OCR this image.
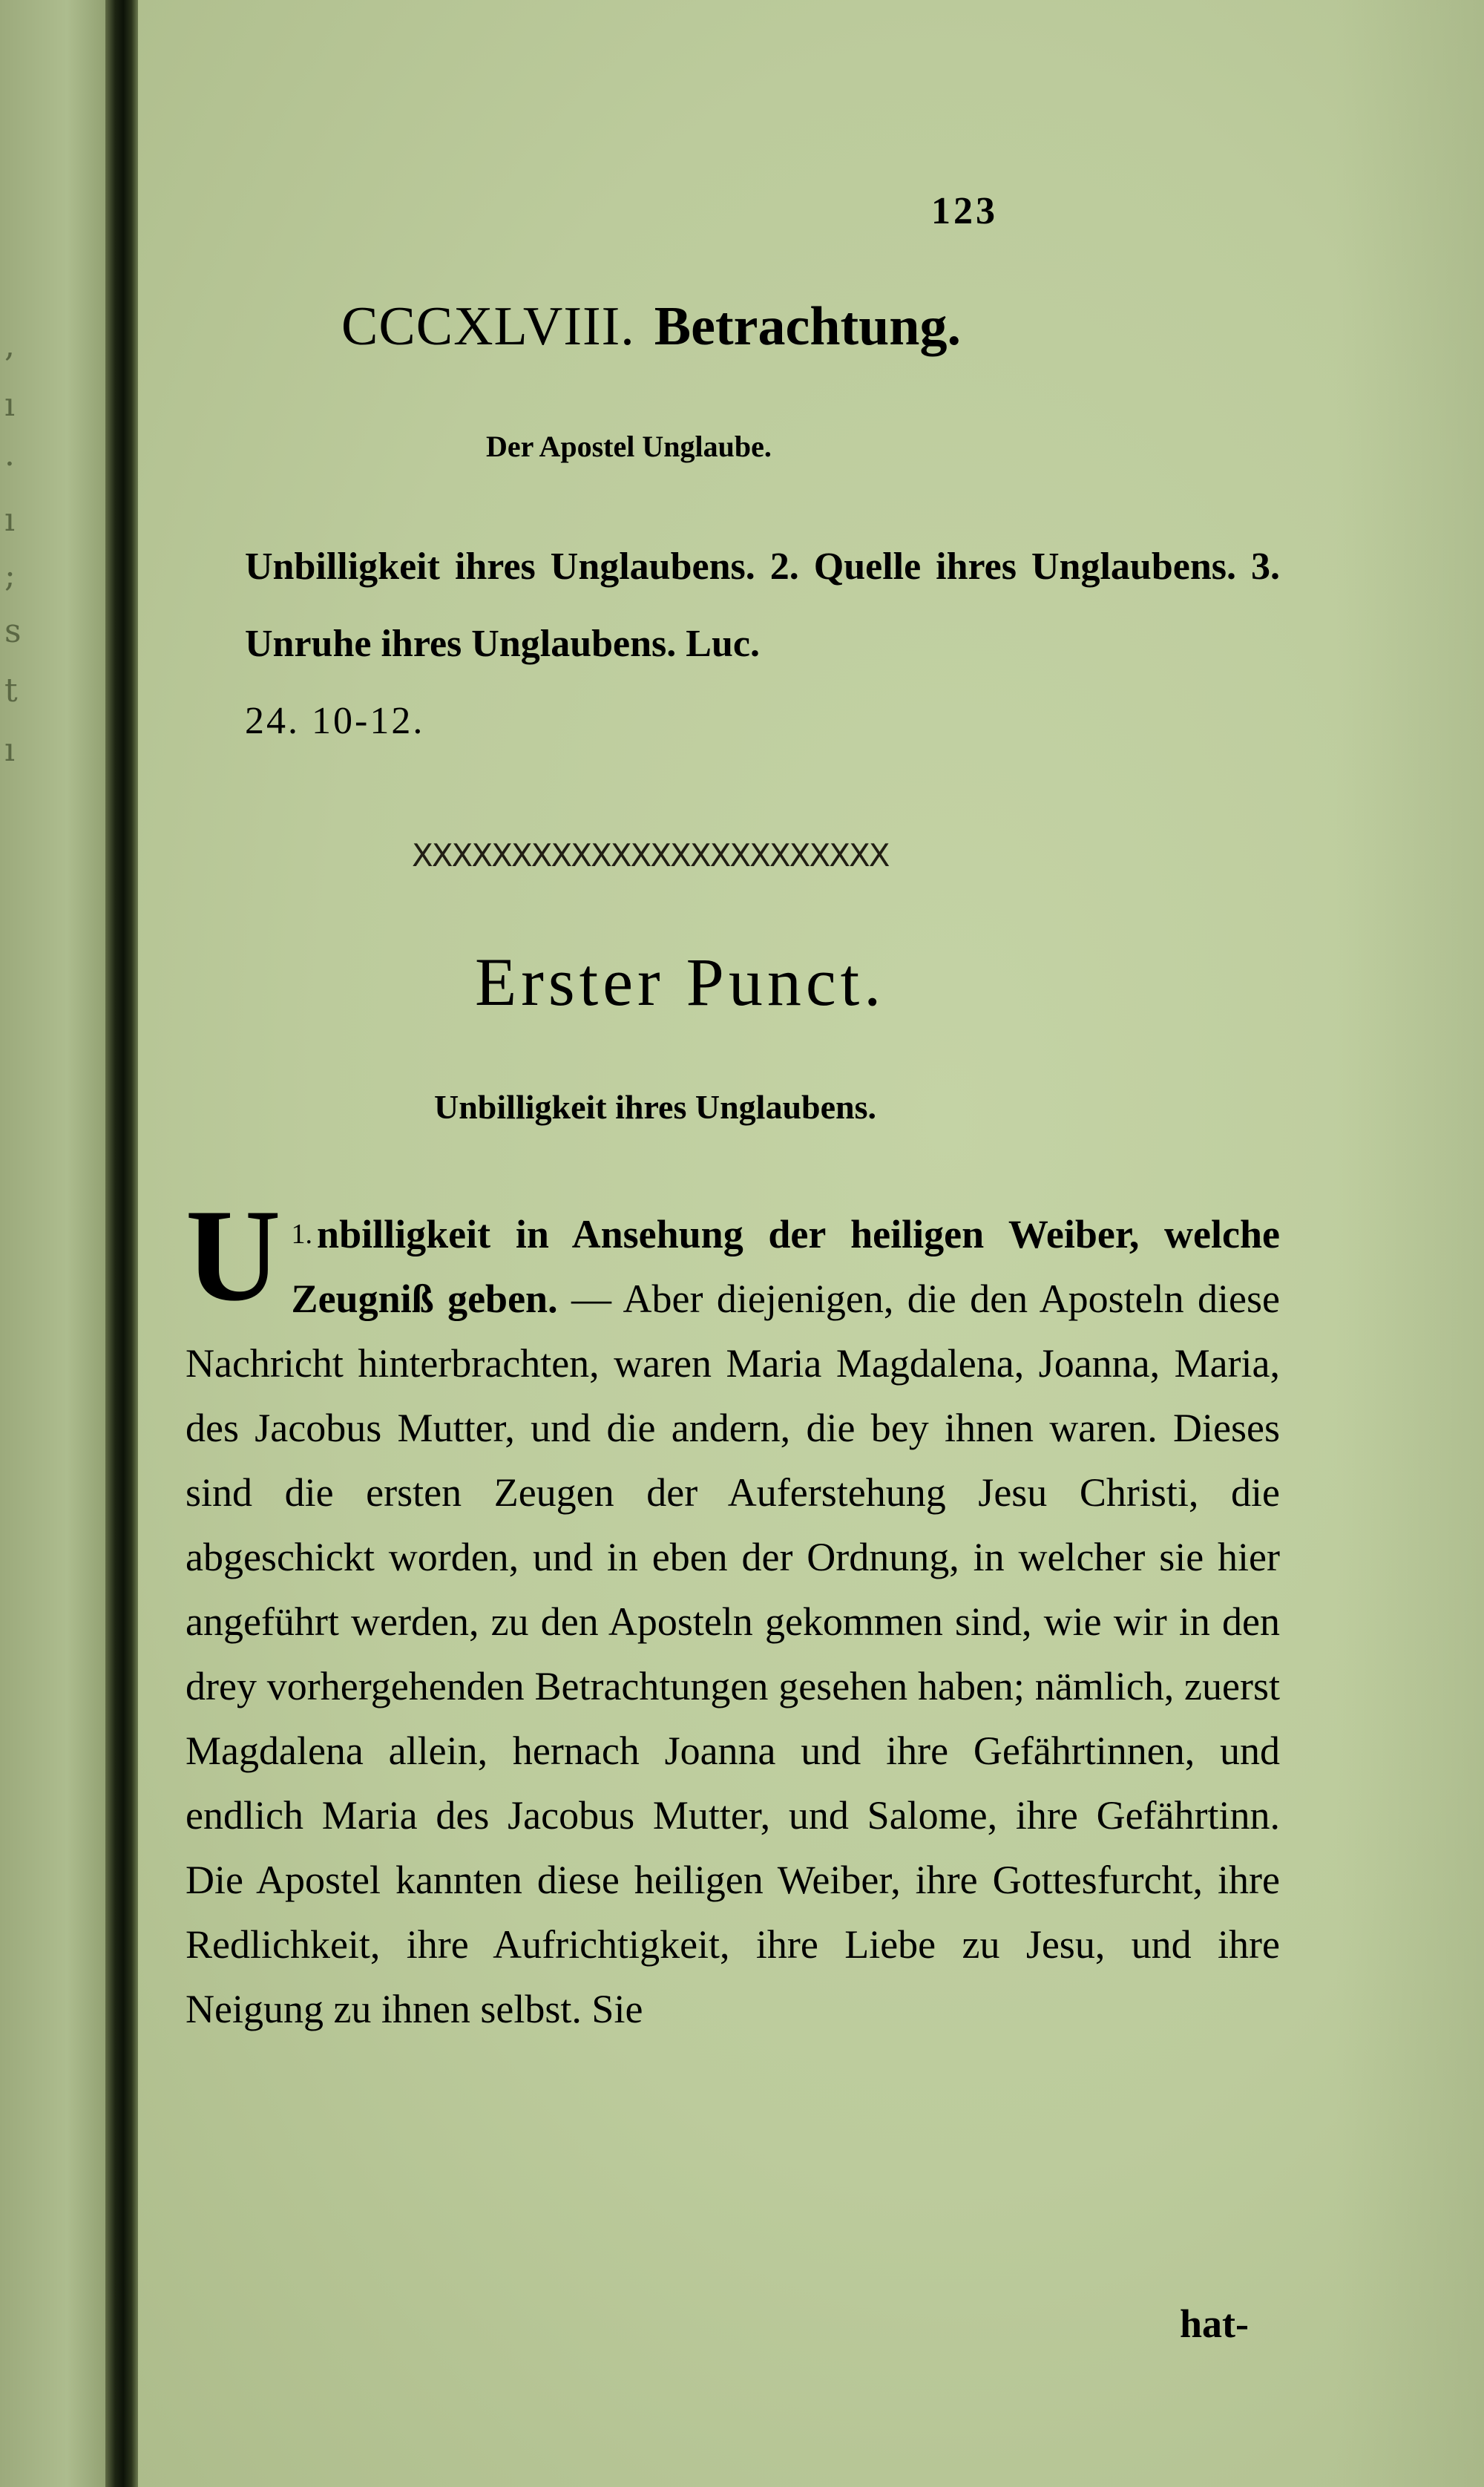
,
ı
·
ı
;
s
t
ı
123
CCCXLVIII. Betrachtung.
Der Apostel Unglaube.
Unbilligkeit ihres Unglaubens. 2. Quelle ihres Unglaubens. 3. Unruhe ihres Unglaubens. Luc.
24. 10-12.
XXXXXXXXXXXXXXXXXXXXXXXX
Erster Punct.
Unbilligkeit ihres Unglaubens.
$^{1.}$
U nbilligkeit in Ansehung der heiligen Weiber, welche Zeugniß geben. — Aber diejenigen, die den Aposteln diese Nachricht hinterbrachten, waren Maria Magdalena, Joanna, Maria, des Jacobus Mutter, und die andern, die bey ihnen waren. Dieses sind die ersten Zeugen der Auferstehung Jesu Christi, die abgeschickt worden, und in eben der Ordnung, in welcher sie hier angeführt werden, zu den Aposteln gekommen sind, wie wir in den drey vorhergehenden Betrachtungen gesehen haben; nämlich, zuerst Magdalena allein, hernach Joanna und ihre Gefährtinnen, und endlich Maria des Jacobus Mutter, und Salome, ihre Gefährtinn. Die Apostel kannten diese heiligen Weiber, ihre Gottesfurcht, ihre Redlichkeit, ihre Aufrichtigkeit, ihre Liebe zu Jesu, und ihre Neigung zu ihnen selbst. Sie
hat-
